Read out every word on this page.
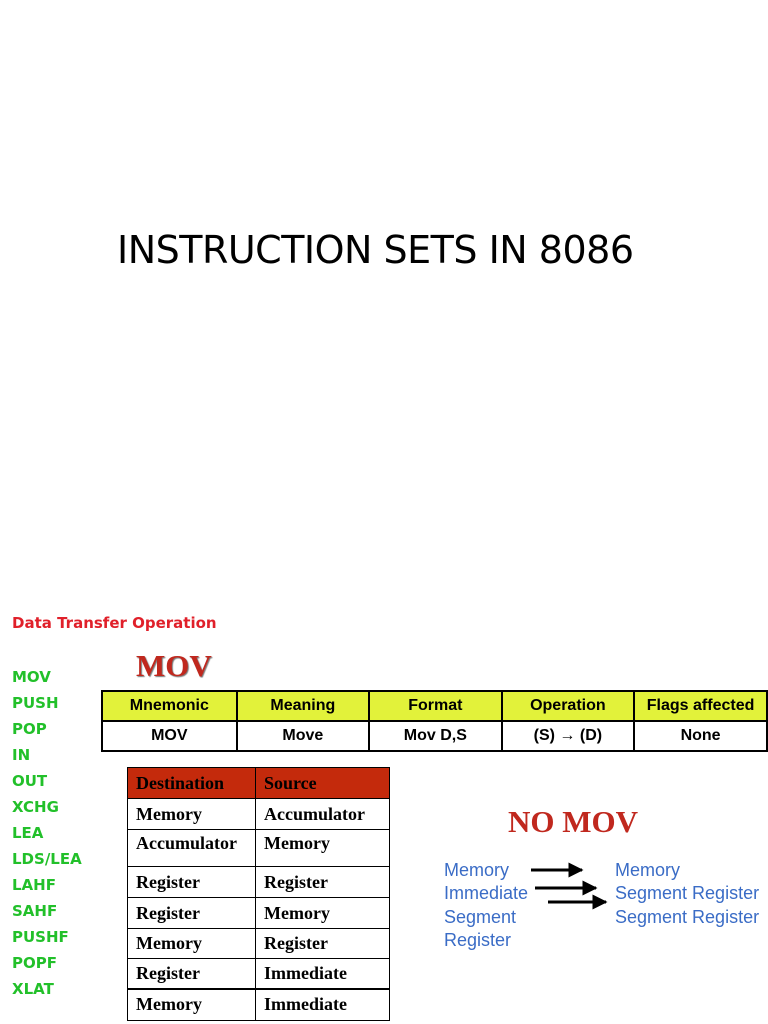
INSTRUCTION SETS IN 8086
Data Transfer Operation
MOV
PUSH
POP
IN
OUT
XCHG
LEA
LDS/LEA
LAHF
SAHF
PUSHF
POPF
XLAT
MOV
Mnemonic	Meaning	Format	Operation	Flags affected
MOV	Move	Mov D,S	(S) → (D)	None
Destination	Source
Memory	Accumulator
Accumulator	Memory
Register	Register
Register	Memory
Memory	Register
Register	Immediate
Memory	Immediate
NO MOV
Memory
Immediate
Segment
Register
Memory
Segment Register
Segment Register
